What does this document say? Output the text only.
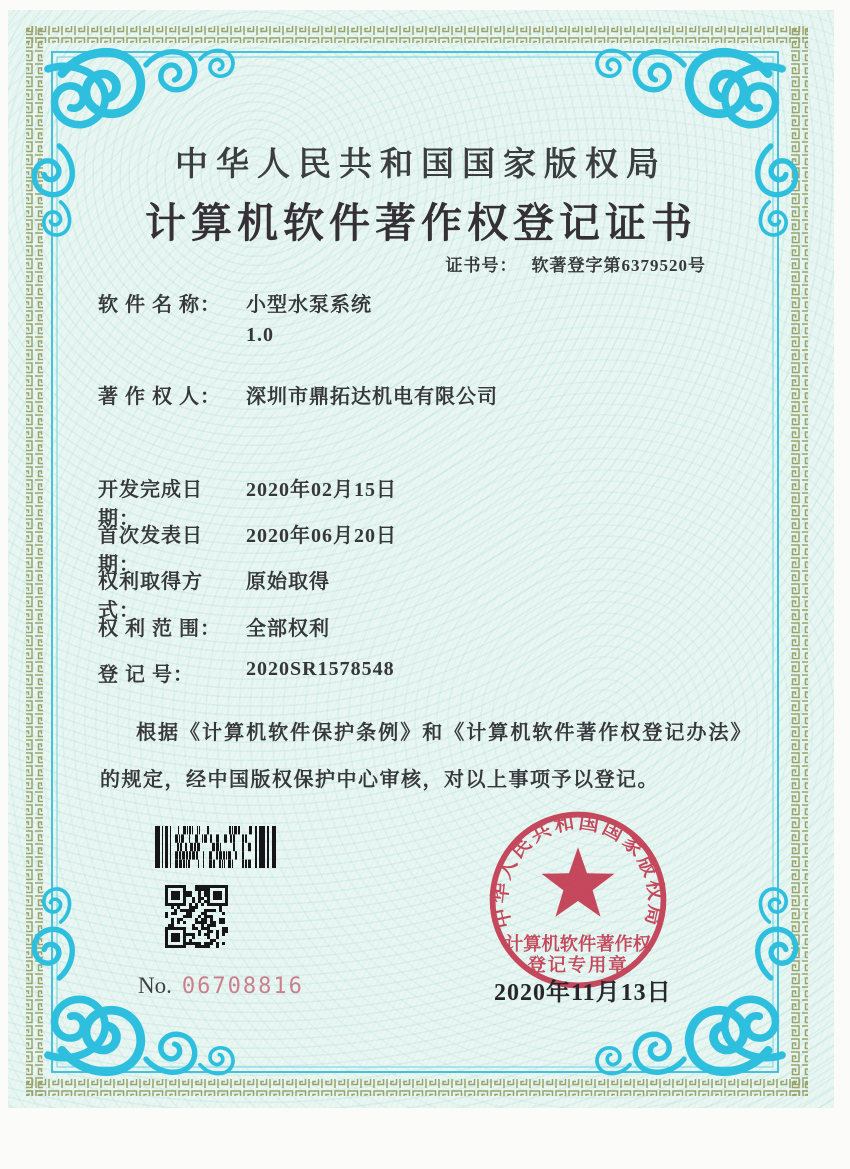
中华人民共和国国家版权局
计算机软件著作权登记证书
证书号： 软著登字第6379520号
软 件 名 称：	小型水泵系统
1.0
著 作 权 人：	深圳市鼎拓达机电有限公司
开发完成日期：
2020年02月15日
首次发表日期：
2020年06月20日
权利取得方式：
原始取得
权 利 范 围：	全部权利
登 记 号：	2020SR1578548
根据《计算机软件保护条例》和《计算机软件著作权登记办法》的规定，经中国版权保护中心审核，对以上事项予以登记。
No. 06708816
中华人民共和国国家版权局
计算机软件著作权
登记专用章
2020年11月13日
